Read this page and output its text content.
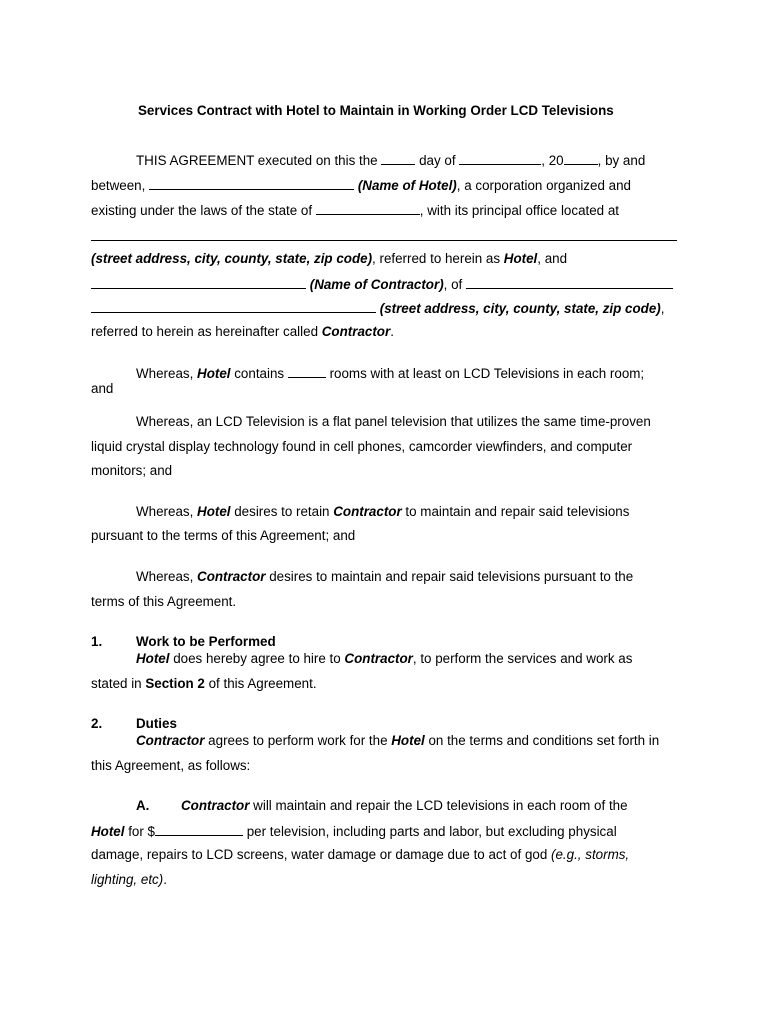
Services Contract with Hotel to Maintain in Working Order LCD Televisions
THIS AGREEMENT executed on this the	day of	, 20	, by and
between,	(Name of Hotel), a corporation organized and
existing under the laws of the state of	, with its principal office located at
(street address, city, county, state, zip code), referred to herein as Hotel, and
(Name of Contractor), of
(street address, city, county, state, zip code),
referred to herein as hereinafter called Contractor.
Whereas, Hotel contains	rooms with at least on LCD Televisions in each room;
and
Whereas, an LCD Television is a flat panel television that utilizes the same time-proven
liquid crystal display technology found in cell phones, camcorder viewfinders, and computer
monitors; and
Whereas, Hotel desires to retain Contractor to maintain and repair said televisions
pursuant to the terms of this Agreement; and
Whereas, Contractor desires to maintain and repair said televisions pursuant to the
terms of this Agreement.
1.	Work to be Performed
Hotel does hereby agree to hire to Contractor, to perform the services and work as
stated in Section 2 of this Agreement.
2.	Duties
Contractor agrees to perform work for the Hotel on the terms and conditions set forth in
this Agreement, as follows:
A. Contractor will maintain and repair the LCD televisions in each room of the
Hotel for $	per television, including parts and labor, but excluding physical
damage, repairs to LCD screens, water damage or damage due to act of god (e.g., storms,
lighting, etc).
